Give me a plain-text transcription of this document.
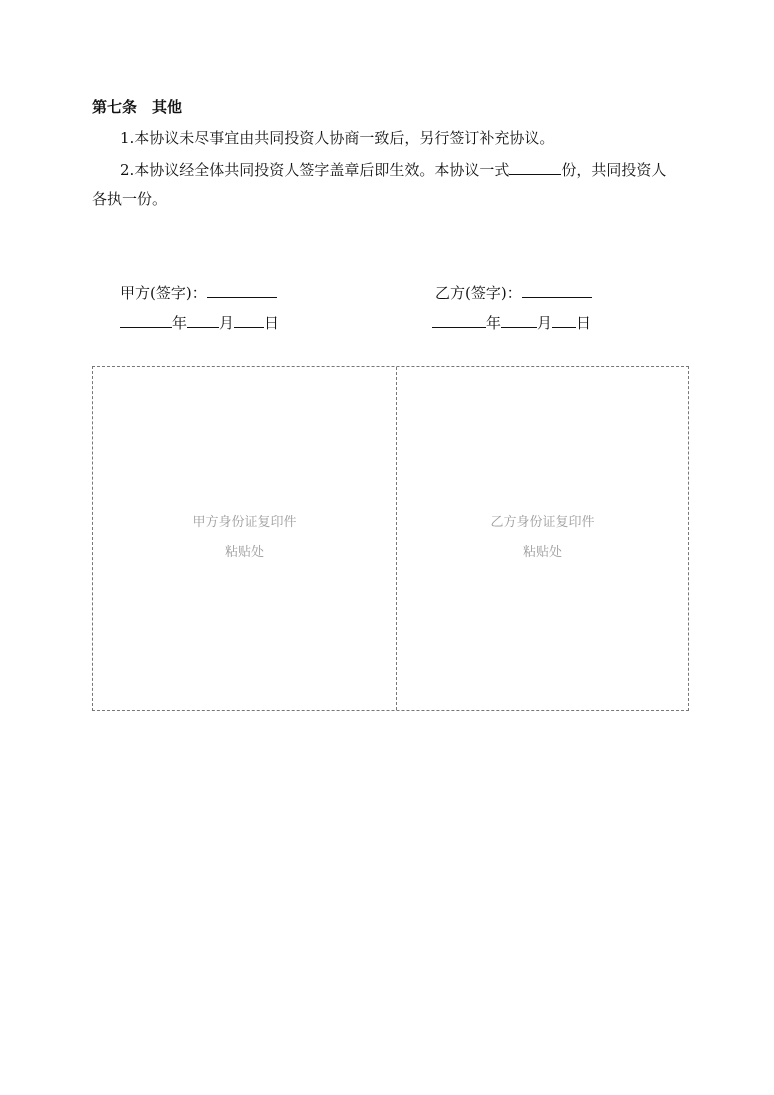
第七条　其他
1.本协议未尽事宜由共同投资人协商一致后，另行签订补充协议。
2.本协议经全体共同投资人签字盖章后即生效。本协议一式	份，共同投资人
各执一份。
甲方(签字)：
年 月 日
乙方(签字)：
年 月 日
甲方身份证复印件
粘贴处
乙方身份证复印件
粘贴处
